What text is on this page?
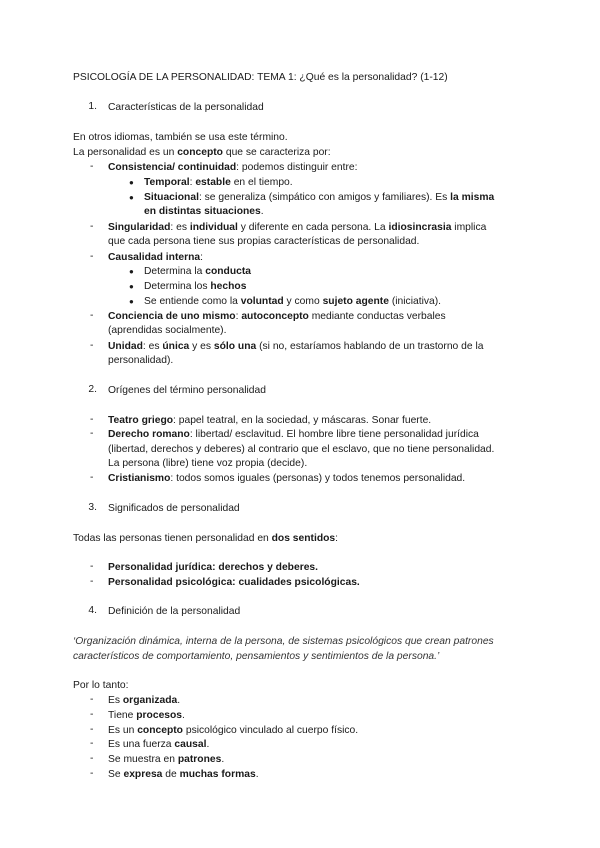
PSICOLOGÍA DE LA PERSONALIDAD: TEMA 1: ¿Qué es la personalidad? (1-12)
1. Características de la personalidad
En otros idiomas, también se usa este término.
La personalidad es un concepto que se caracteriza por:
- Consistencia/ continuidad: podemos distinguir entre:
● Temporal: estable en el tiempo.
● Situacional: se generaliza (simpático con amigos y familiares). Es la misma
en distintas situaciones.
- Singularidad: es individual y diferente en cada persona. La idiosincrasia implica
que cada persona tiene sus propias características de personalidad.
- Causalidad interna:
● Determina la conducta
● Determina los hechos
● Se entiende como la voluntad y como sujeto agente (iniciativa).
- Conciencia de uno mismo: autoconcepto mediante conductas verbales
(aprendidas socialmente).
- Unidad: es única y es sólo una (si no, estaríamos hablando de un trastorno de la
personalidad).
2. Orígenes del término personalidad
- Teatro griego: papel teatral, en la sociedad, y máscaras. Sonar fuerte.
- Derecho romano: libertad/ esclavitud. El hombre libre tiene personalidad jurídica
(libertad, derechos y deberes) al contrario que el esclavo, que no tiene personalidad.
La persona (libre) tiene voz propia (decide).
- Cristianismo: todos somos iguales (personas) y todos tenemos personalidad.
3. Significados de personalidad
Todas las personas tienen personalidad en dos sentidos:
- Personalidad jurídica: derechos y deberes.
- Personalidad psicológica: cualidades psicológicas.
4. Definición de la personalidad
‘Organización dinámica, interna de la persona, de sistemas psicológicos que crean patrones
característicos de comportamiento, pensamientos y sentimientos de la persona.’
Por lo tanto:
- Es organizada.
- Tiene procesos.
- Es un concepto psicológico vinculado al cuerpo físico.
- Es una fuerza causal.
- Se muestra en patrones.
- Se expresa de muchas formas.
